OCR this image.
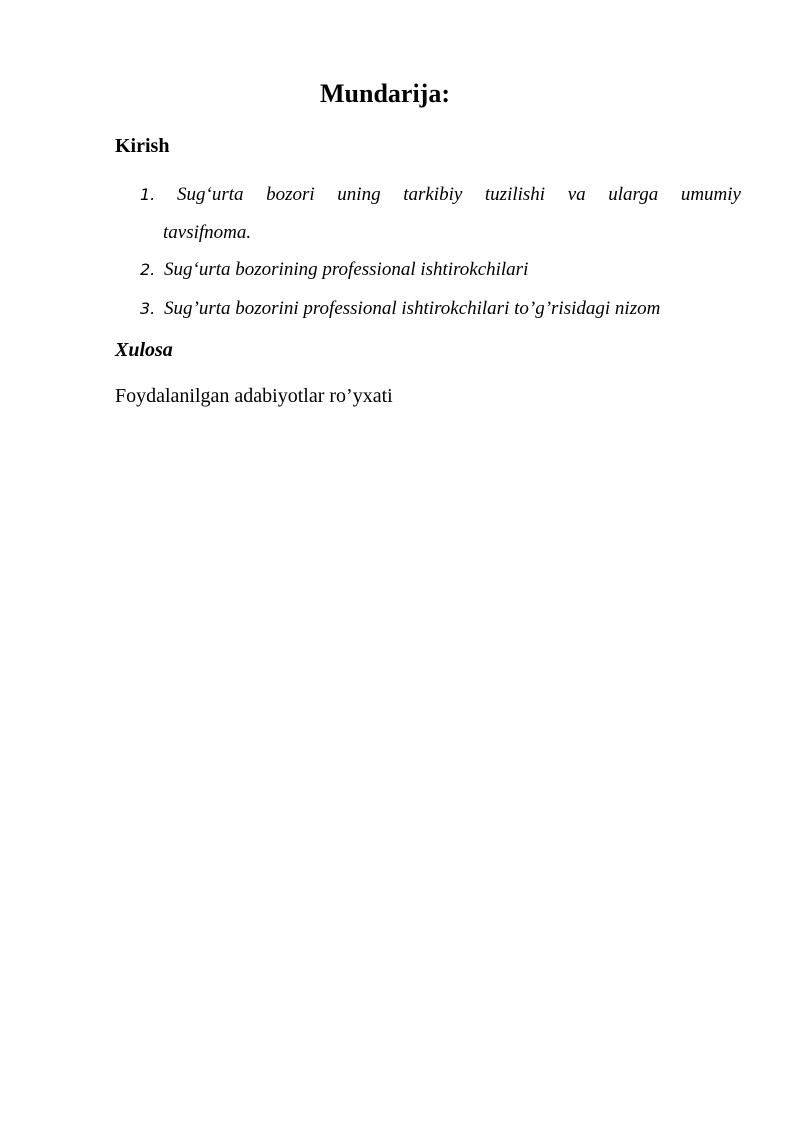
Mundarija:
Kirish
1. Sug‘urta bozori uning tarkibiy tuzilishi va ularga umumiy
tavsifnoma.
2. Sug‘urta bozorining professional ishtirokchilari
3. Sug’urta bozorini professional ishtirokchilari to’g’risidagi nizom
Xulosa
Foydalanilgan adabiyotlar ro’yxati
